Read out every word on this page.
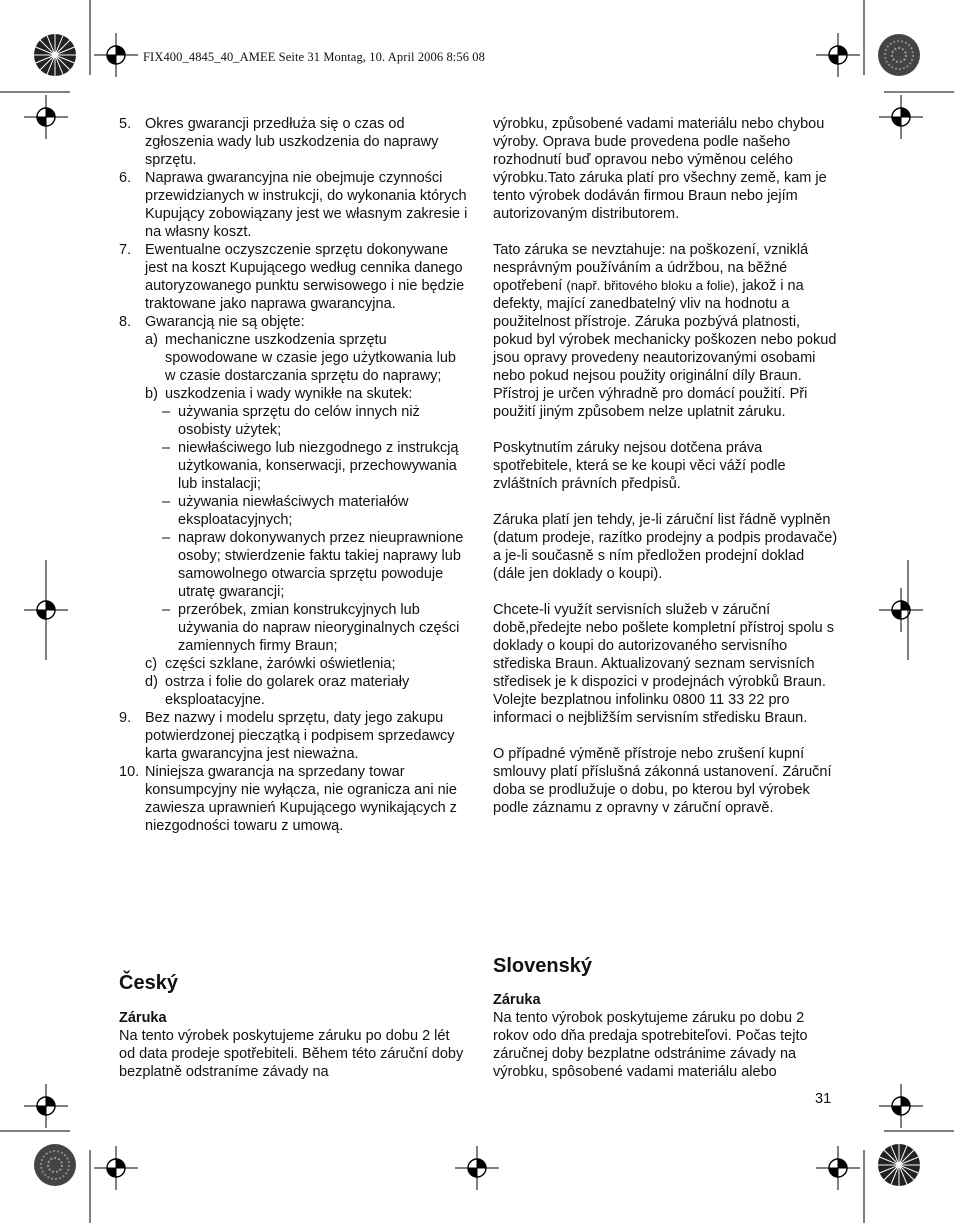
FIX400_4845_40_AMEE Seite 31 Montag, 10. April 2006 8:56 08
5. Okres gwarancji przedłuża się o czas od zgłoszenia wady lub uszkodzenia do naprawy sprzętu.
6. Naprawa gwarancyjna nie obejmuje czynności przewidzianych w instrukcji, do wykonania których Kupujący zobowiązany jest we własnym zakresie i na własny koszt.
7. Ewentualne oczyszczenie sprzętu dokonywane jest na koszt Kupującego według cennika danego autoryzowanego punktu serwisowego i nie będzie traktowane jako naprawa gwarancyjna.
8. Gwarancją nie są objęte:
a) mechaniczne uszkodzenia sprzętu spowodowane w czasie jego użytkowania lub w czasie dostarczania sprzętu do naprawy;
b) uszkodzenia i wady wynikłe na skutek:
– używania sprzętu do celów innych niż osobisty użytek;
– niewłaściwego lub niezgodnego z instrukcją użytkowania, konserwacji, przechowywania lub instalacji;
– używania niewłaściwych materiałów eksploatacyjnych;
– napraw dokonywanych przez nieuprawnione osoby; stwierdzenie faktu takiej naprawy lub samowolnego otwarcia sprzętu powoduje utratę gwarancji;
– przeróbek, zmian konstrukcyjnych lub używania do napraw nieoryginalnych części zamiennych firmy Braun;
c) części szklane, żarówki oświetlenia;
d) ostrza i folie do golarek oraz materiały eksploatacyjne.
9. Bez nazwy i modelu sprzętu, daty jego zakupu potwierdzonej pieczątką i podpisem sprzedawcy karta gwarancyjna jest nieważna.
10. Niniejsza gwarancja na sprzedany towar konsumpcyjny nie wyłącza, nie ogranicza ani nie zawiesza uprawnień Kupującego wynikających z niezgodności towaru z umową.
Český

Záruka

Na tento výrobek poskytujeme záruku po dobu 2 lét od data prodeje spotřebiteli. Během této záruční doby bezplatně odstraníme závady na

výrobku, způsobené vadami materiálu nebo chybou výroby. Oprava bude provedena podle našeho rozhodnutí buď opravou nebo výměnou celého výrobku.Tato záruka platí pro všechny země, kam je tento výrobek dodáván firmou Braun nebo jejím autorizovaným distributorem.

Tato záruka se nevztahuje: na poškození, vzniklá nesprávným používáním a údržbou, na běžné opotřebení (např. břitového bloku a folie), jakož i na defekty, mající zanedbatelný vliv na hodnotu a použitelnost přístroje. Záruka pozbývá platnosti, pokud byl výrobek mechanicky poškozen nebo pokud jsou opravy provedeny neautorizovanými osobami nebo pokud nejsou použity originální díly Braun. Přístroj je určen výhradně pro domácí použití. Při použití jiným způsobem nelze uplatnit záruku.

Poskytnutím záruky nejsou dotčena práva spotřebitele, která se ke koupi věci váží podle zvláštních právních předpisů.

Záruka platí jen tehdy, je-li záruční list řádně vyplněn (datum prodeje, razítko prodejny a podpis prodavače) a je-li současně s ním předložen prodejní doklad (dále jen doklady o koupi).

Chcete-li využít servisních služeb v záruční době,předejte nebo pošlete kompletní přístroj spolu s doklady o koupi do autorizovaného servisního střediska Braun. Aktualizovaný seznam servisních středisek je k dispozici v prodejnách výrobků Braun.

Volejte bezplatnou infolinku 0800 11 33 22 pro informaci o nejbližším servisním středisku Braun.

O případné výměně přístroje nebo zrušení kupní smlouvy platí příslušná zákonná ustanovení. Záruční doba se prodlužuje o dobu, po kterou byl výrobek podle záznamu z opravny v záruční opravě.

Slovenský

Záruka

Na tento výrobok poskytujeme záruku po dobu 2 rokov odo dňa predaja spotrebiteľovi. Počas tejto záručnej doby bezplatne odstránime závady na výrobku, spôsobené vadami materiálu alebo

31
